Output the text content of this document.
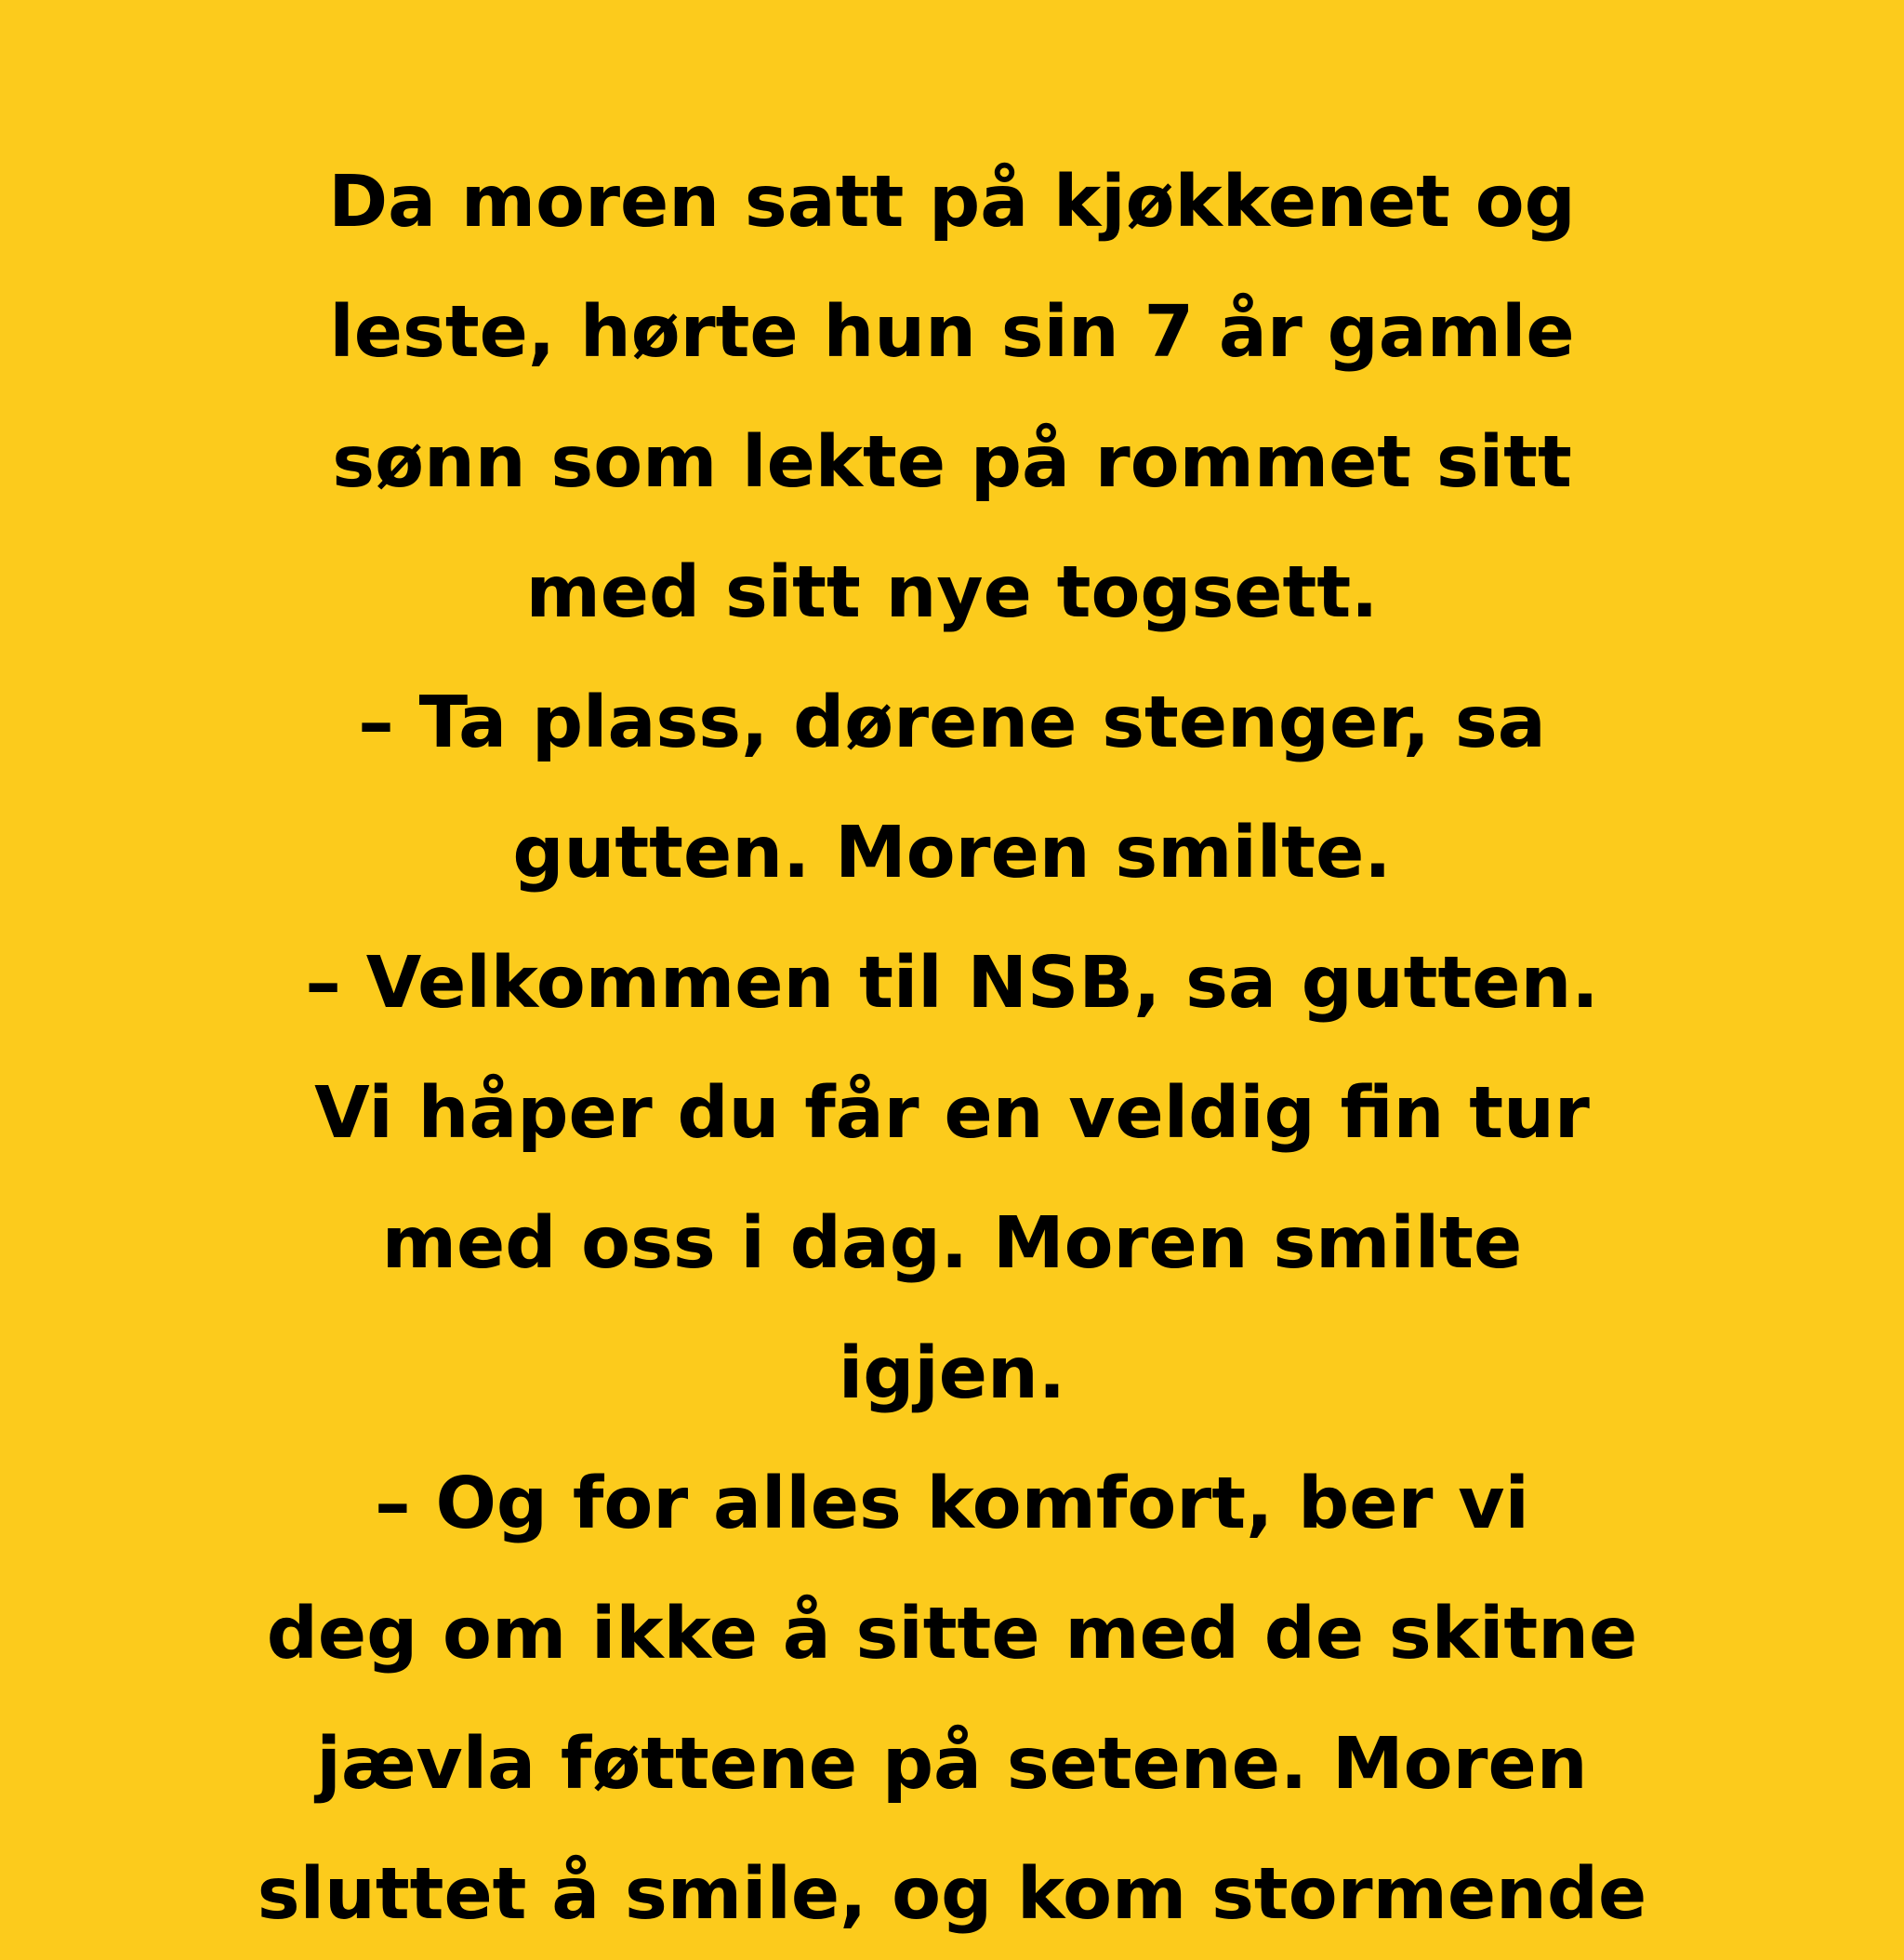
Da moren satt på kjøkkenet og
leste, hørte hun sin 7 år gamle
sønn som lekte på rommet sitt
med sitt nye togsett.
– Ta plass, dørene stenger, sa
gutten. Moren smilte.
– Velkommen til NSB, sa gutten.
Vi håper du får en veldig fin tur
med oss i dag. Moren smilte
igjen.
– Og for alles komfort, ber vi
deg om ikke å sitte med de skitne
jævla føttene på setene. Moren
sluttet å smile, og kom stormende
